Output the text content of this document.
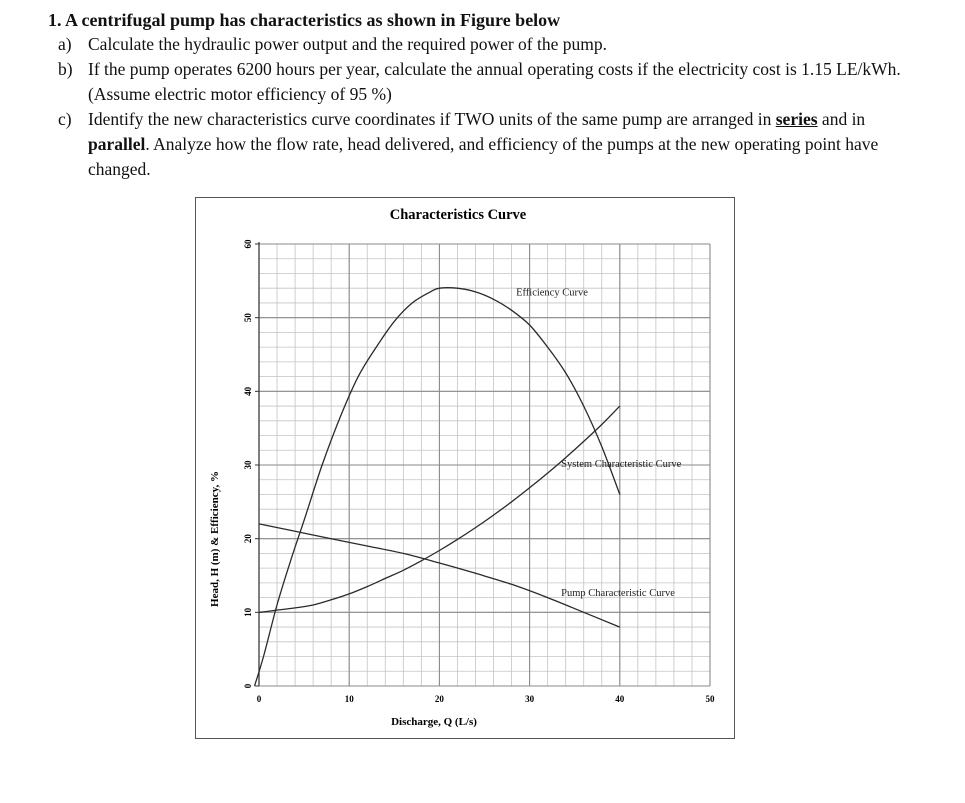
1. A centrifugal pump has characteristics as shown in Figure below
a) Calculate the hydraulic power output and the required power of the pump.
b) If the pump operates 6200 hours per year, calculate the annual operating costs if the electricity cost is 1.15 LE/kWh. (Assume electric motor efficiency of 95 %)
c) Identify the new characteristics curve coordinates if TWO units of the same pump are arranged in series and in parallel. Analyze how the flow rate, head delivered, and efficiency of the pumps at the new operating point have changed.
0	10	20	30	40	50
0
10
20
30
40
50
60
Efficiency Curve
System Characteristic Curve
Pump Characteristic Curve
Characteristics Curve
Discharge, Q (L/s)
Head, H (m) & Efficiency, %
